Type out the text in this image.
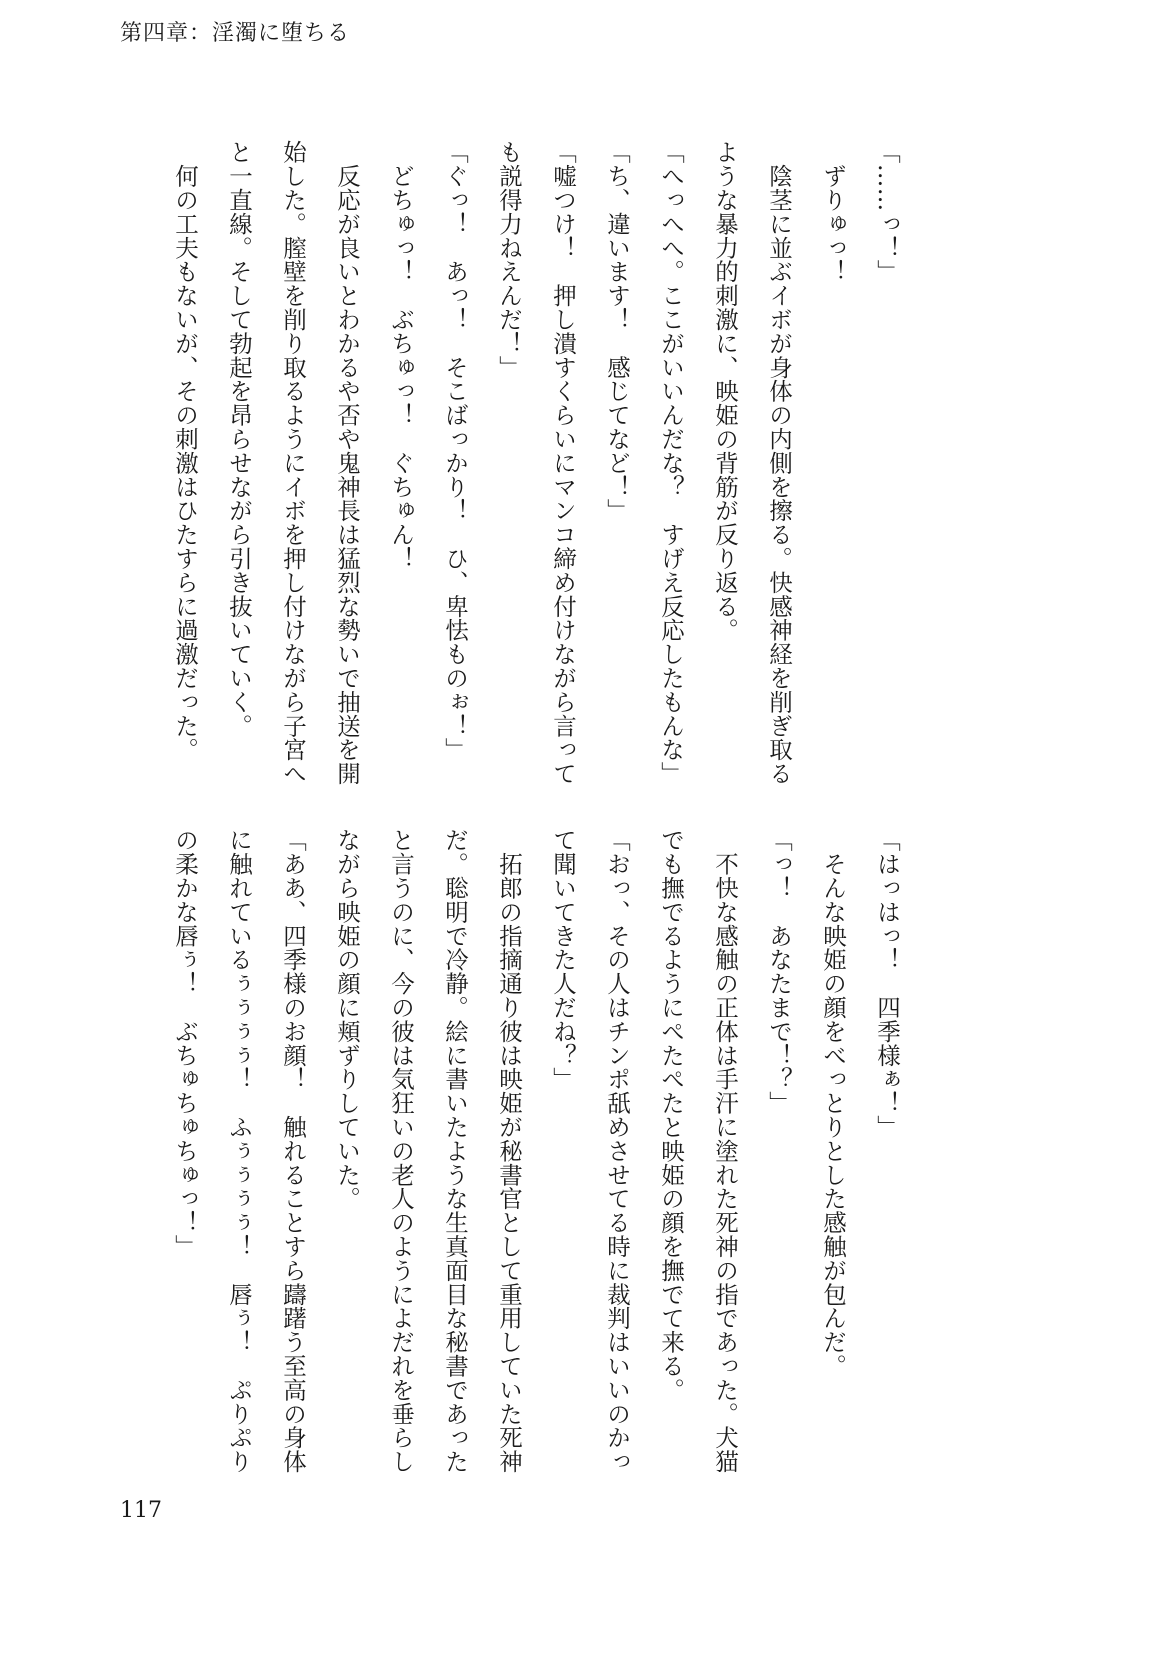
第四章：淫濁に堕ちる
「……っ！」
　ずりゅっ！
　陰茎に並ぶイボが身体の内側を擦る。快感神経を削ぎ取る
ような暴力的刺激に、映姫の背筋が反り返る。
「へっへへ。ここがいいんだな？　すげえ反応したもんな」
「ち、違います！　感じてなど！」
「嘘つけ！　押し潰すくらいにマンコ締め付けながら言って
も説得力ねえんだ！」
「ぐっ！　あっ！　そこばっかり！　ひ、卑怯ものぉ！」
　どちゅっ！　ぶちゅっ！　ぐちゅん！
　反応が良いとわかるや否や鬼神長は猛烈な勢いで抽送を開
始した。膣壁を削り取るようにイボを押し付けながら子宮へ
と一直線。そして勃起を昂らせながら引き抜いていく。
　何の工夫もないが、その刺激はひたすらに過激だった。
「はっはっ！　四季様ぁ！」
　そんな映姫の顔をべっとりとした感触が包んだ。
「っ！　あなたまで！？」
　不快な感触の正体は手汗に塗れた死神の指であった。犬猫
でも撫でるようにぺたぺたと映姫の顔を撫でて来る。
「おっ、その人はチンポ舐めさせてる時に裁判はいいのかっ
て聞いてきた人だね？」
　拓郎の指摘通り彼は映姫が秘書官として重用していた死神
だ。聡明で冷静。絵に書いたような生真面目な秘書であった
と言うのに、今の彼は気狂いの老人のようによだれを垂らし
ながら映姫の顔に頬ずりしていた。
「ああ、四季様のお顔！　触れることすら躊躇う至高の身体
に触れているぅぅぅぅ！　ふぅぅぅぅ！　唇ぅ！　ぷりぷり
の柔かな唇ぅ！　ぶちゅちゅちゅっ！」
117
